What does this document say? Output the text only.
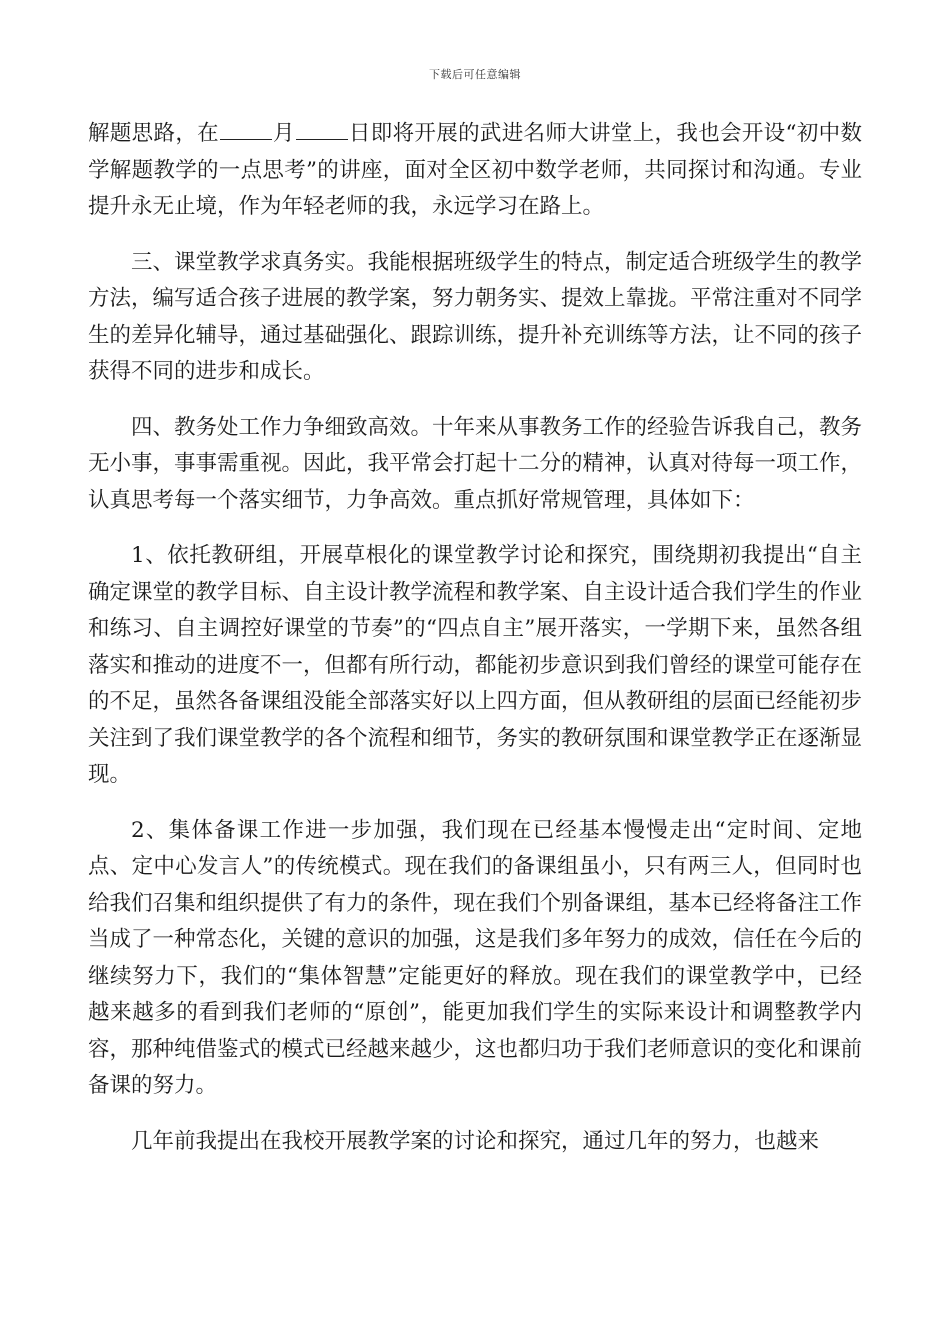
下载后可任意编辑

解题思路，在 月 日即将开展的武进名师大讲堂上，我也会开设“初中数学解题教学的一点思考”的讲座，面对全区初中数学老师，共同探讨和沟通。专业提升永无止境，作为年轻老师的我，永远学习在路上。

三、课堂教学求真务实。我能根据班级学生的特点，制定适合班级学生的教学方法，编写适合孩子进展的教学案，努力朝务实、提效上靠拢。平常注重对不同学生的差异化辅导，通过基础强化、跟踪训练，提升补充训练等方法，让不同的孩子获得不同的进步和成长。

四、教务处工作力争细致高效。十年来从事教务工作的经验告诉我自己，教务无小事，事事需重视。因此，我平常会打起十二分的精神，认真对待每一项工作，认真思考每一个落实细节，力争高效。重点抓好常规管理，具体如下：

1、依托教研组，开展草根化的课堂教学讨论和探究，围绕期初我提出“自主确定课堂的教学目标、自主设计教学流程和教学案、自主设计适合我们学生的作业和练习、自主调控好课堂的节奏”的“四点自主”展开落实，一学期下来，虽然各组落实和推动的进度不一，但都有所行动，都能初步意识到我们曾经的课堂可能存在的不足，虽然各备课组没能全部落实好以上四方面，但从教研组的层面已经能初步关注到了我们课堂教学的各个流程和细节，务实的教研氛围和课堂教学正在逐渐显现。

2、集体备课工作进一步加强，我们现在已经基本慢慢走出“定时间、定地点、定中心发言人”的传统模式。现在我们的备课组虽小，只有两三人，但同时也给我们召集和组织提供了有力的条件，现在我们个别备课组，基本已经将备注工作当成了一种常态化，关键的意识的加强，这是我们多年努力的成效，信任在今后的继续努力下，我们的“集体智慧”定能更好的释放。现在我们的课堂教学中，已经越来越多的看到我们老师的“原创”，能更加我们学生的实际来设计和调整教学内容，那种纯借鉴式的模式已经越来越少，这也都归功于我们老师意识的变化和课前备课的努力。

几年前我提出在我校开展教学案的讨论和探究，通过几年的努力，也越来
